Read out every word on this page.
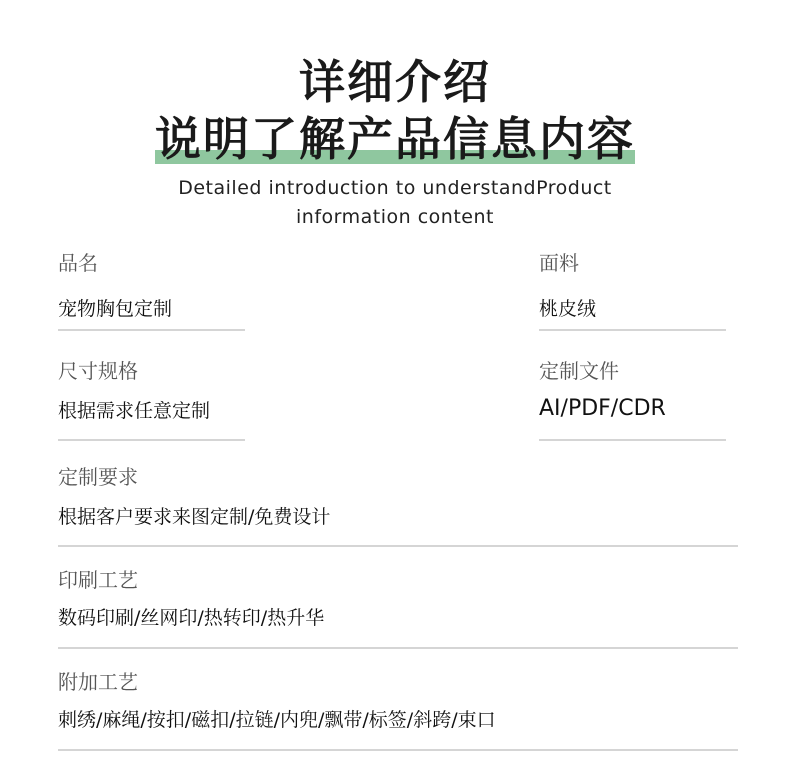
详细介绍
说明了解产品信息内容
Detailed introduction to understandProduct
information content
品名
宠物胸包定制
面料
桃皮绒
尺寸规格
根据需求任意定制
定制文件
AI/PDF/CDR
定制要求
根据客户要求来图定制/免费设计
印刷工艺
数码印刷/丝网印/热转印/热升华
附加工艺
刺绣/麻绳/按扣/磁扣/拉链/内兜/飘带/标签/斜跨/束口
